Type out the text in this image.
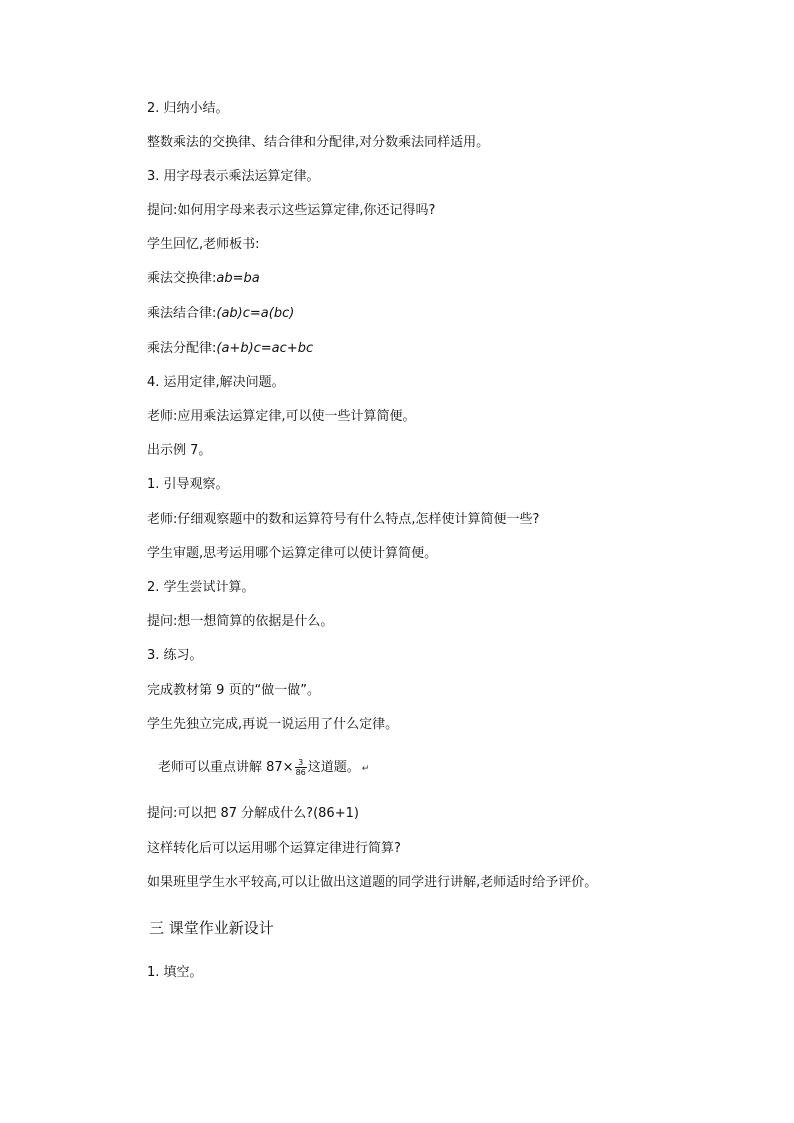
2. 归纳小结。
整数乘法的交换律、结合律和分配律,对分数乘法同样适用。
3. 用字母表示乘法运算定律。
提问:如何用字母来表示这些运算定律,你还记得吗?
学生回忆,老师板书:
乘法交换律:ab=ba
乘法结合律:(ab)c=a(bc)
乘法分配律:(a+b)c=ac+bc
4. 运用定律,解决问题。
老师:应用乘法运算定律,可以使一些计算简便。
出示例 7。
1. 引导观察。
老师:仔细观察题中的数和运算符号有什么特点,怎样使计算简便一些?
学生审题,思考运用哪个运算定律可以使计算简便。
2. 学生尝试计算。
提问:想一想简算的依据是什么。
3. 练习。
完成教材第 9 页的“做一做”。
学生先独立完成,再说一说运用了什么定律。
老师可以重点讲解 $87\times \frac{3}{86}$ 这道题。 ↵
提问:可以把 87 分解成什么?(86+1)
这样转化后可以运用哪个运算定律进行简算?
如果班里学生水平较高,可以让做出这道题的同学进行讲解,老师适时给予评价。
三 课堂作业新设计
1. 填空。
